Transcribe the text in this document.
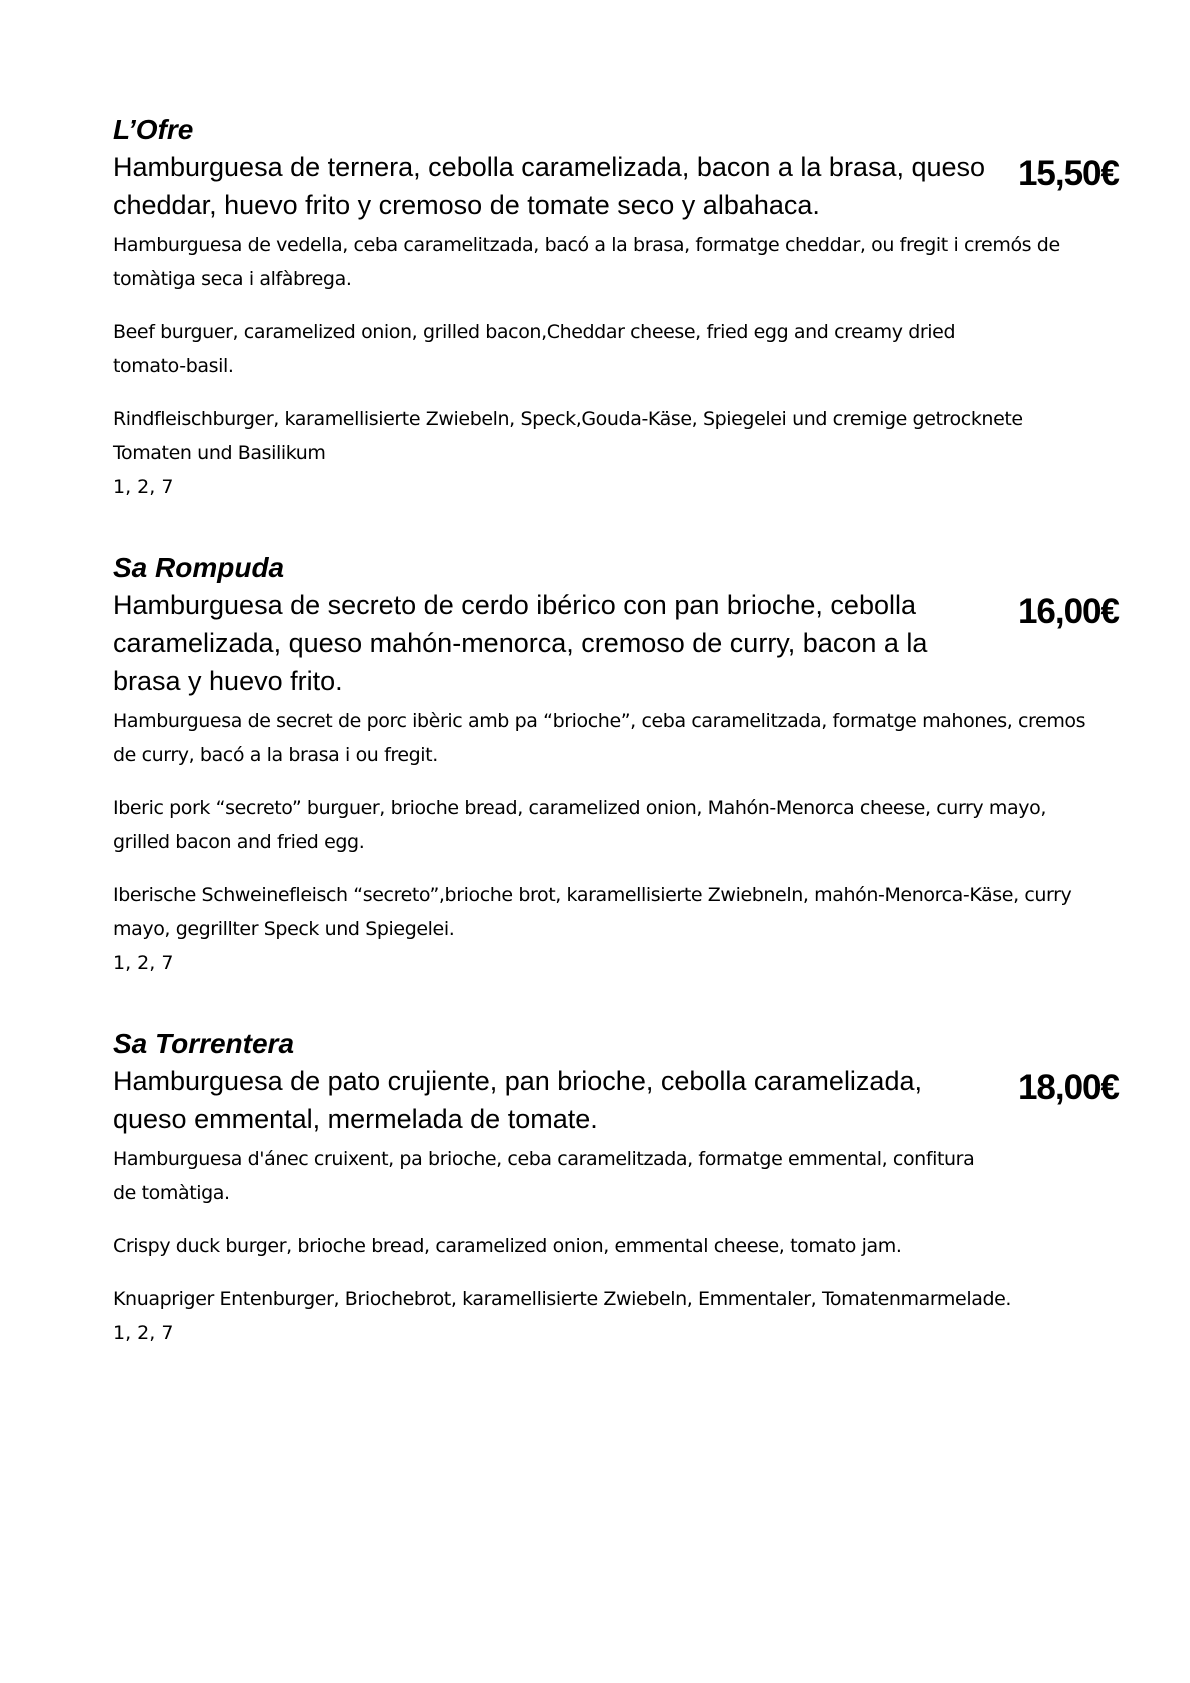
L’Ofre
15,50€

Hamburguesa de ternera, cebolla caramelizada, bacon a la brasa, queso cheddar, huevo frito y cremoso de tomate seco y albahaca.

Hamburguesa de vedella, ceba caramelitzada, bacó a la brasa, formatge cheddar, ou fregit i cremós de tomàtiga seca i alfàbrega.

Beef burguer, caramelized onion, grilled bacon,Cheddar cheese, fried egg and creamy dried tomato-basil.

Rindfleischburger, karamellisierte Zwiebeln, Speck,Gouda-Käse, Spiegelei und cremige getrocknete Tomaten und Basilikum

1, 2, 7

Sa Rompuda
16,00€

Hamburguesa de secreto de cerdo ibérico con pan brioche, cebolla caramelizada, queso mahón-menorca, cremoso de curry, bacon a la brasa y huevo frito.

Hamburguesa de secret de porc ibèric amb pa “brioche”, ceba caramelitzada, formatge mahones, cremos de curry, bacó a la brasa i ou fregit.

Iberic pork “secreto” burguer, brioche bread, caramelized onion, Mahón-Menorca cheese, curry mayo, grilled bacon and fried egg.

Iberische Schweinefleisch “secreto”,brioche brot, karamellisierte Zwiebneln, mahón-Menorca-Käse, curry mayo, gegrillter Speck und Spiegelei.

1, 2, 7

Sa Torrentera
18,00€

Hamburguesa de pato crujiente, pan brioche, cebolla caramelizada, queso emmental, mermelada de tomate.

Hamburguesa d'ánec cruixent, pa brioche, ceba caramelitzada, formatge emmental, confitura de tomàtiga.

Crispy duck burger, brioche bread, caramelized onion, emmental cheese, tomato jam.

Knuapriger Entenburger, Briochebrot, karamellisierte Zwiebeln, Emmentaler, Tomatenmarmelade.

1, 2, 7
